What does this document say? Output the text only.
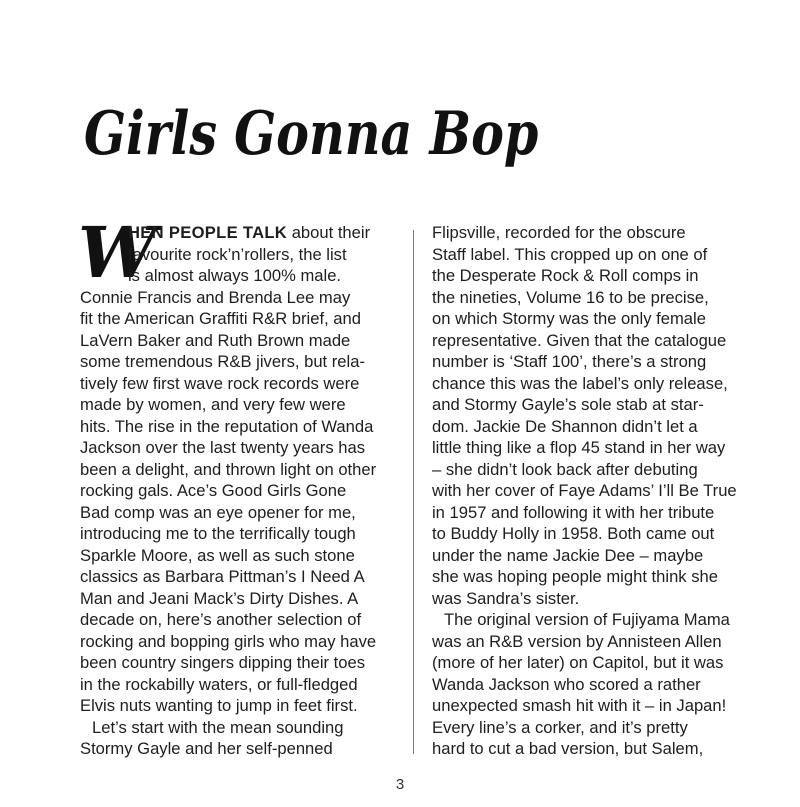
Girls Gonna Bop
W
HEN PEOPLE TALK about their
favourite rock’n’rollers, the list
is almost always 100% male.
Connie Francis and Brenda Lee may
fit the American Graffiti R&R brief, and
LaVern Baker and Ruth Brown made
some tremendous R&B jivers, but rela-
tively few first wave rock records were
made by women, and very few were
hits. The rise in the reputation of Wanda
Jackson over the last twenty years has
been a delight, and thrown light on other
rocking gals. Ace’s Good Girls Gone
Bad comp was an eye opener for me,
introducing me to the terrifically tough
Sparkle Moore, as well as such stone
classics as Barbara Pittman’s I Need A
Man and Jeani Mack’s Dirty Dishes. A
decade on, here’s another selection of
rocking and bopping girls who may have
been country singers dipping their toes
in the rockabilly waters, or full-fledged
Elvis nuts wanting to jump in feet first.
Let’s start with the mean sounding
Stormy Gayle and her self-penned
Flipsville, recorded for the obscure
Staff label. This cropped up on one of
the Desperate Rock & Roll comps in
the nineties, Volume 16 to be precise,
on which Stormy was the only female
representative. Given that the catalogue
number is ‘Staff 100’, there’s a strong
chance this was the label’s only release,
and Stormy Gayle’s sole stab at star-
dom. Jackie De Shannon didn’t let a
little thing like a flop 45 stand in her way
– she didn’t look back after debuting
with her cover of Faye Adams’ I’ll Be True
in 1957 and following it with her tribute
to Buddy Holly in 1958. Both came out
under the name Jackie Dee – maybe
she was hoping people might think she
was Sandra’s sister.
The original version of Fujiyama Mama
was an R&B version by Annisteen Allen
(more of her later) on Capitol, but it was
Wanda Jackson who scored a rather
unexpected smash hit with it – in Japan!
Every line’s a corker, and it’s pretty
hard to cut a bad version, but Salem,
3
